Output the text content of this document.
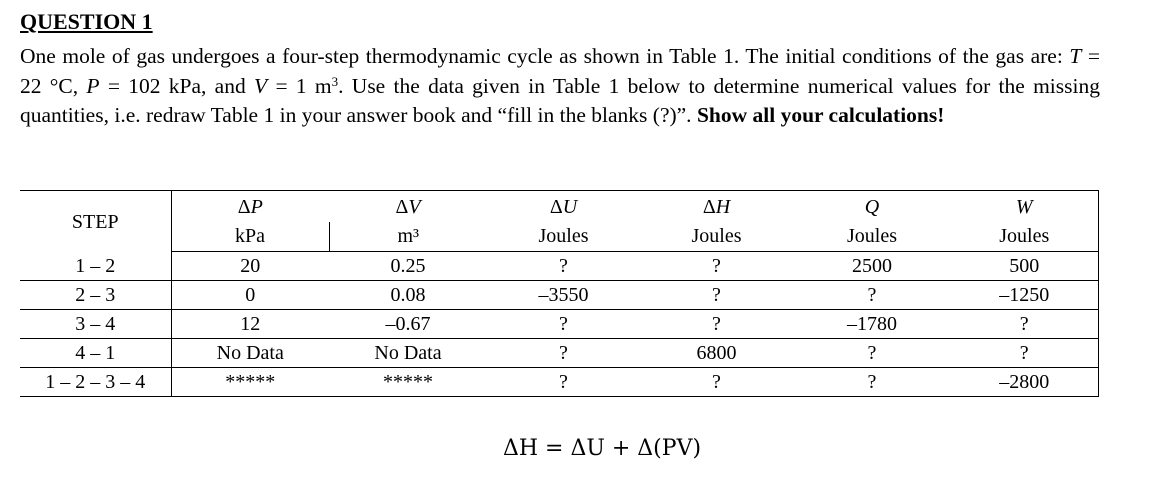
QUESTION 1

One mole of gas undergoes a four-step thermodynamic cycle as shown in Table 1. The initial conditions of the gas are: T = 22 °C, P = 102 kPa, and V = 1 $m^3$. Use the data given in Table 1 below to determine numerical values for the missing quantities, i.e. redraw Table 1 in your answer book and “fill in the blanks (?)”. Show all your calculations!

STEP	ΔP	ΔV	ΔU	ΔH	Q	W
	kPa	m³	Joules	Joules	Joules	Joules
1 – 2	20	0.25	?	?	2500	500
2 – 3	0	0.08	–3550	?	?	–1250
3 – 4	12	–0.67	?	?	–1780	?
4 – 1	No Data	No Data	?	6800	?	?
1 – 2 – 3 – 4	*****	*****	?	?	?	–2800

ΔH = ΔU + Δ(PV)
